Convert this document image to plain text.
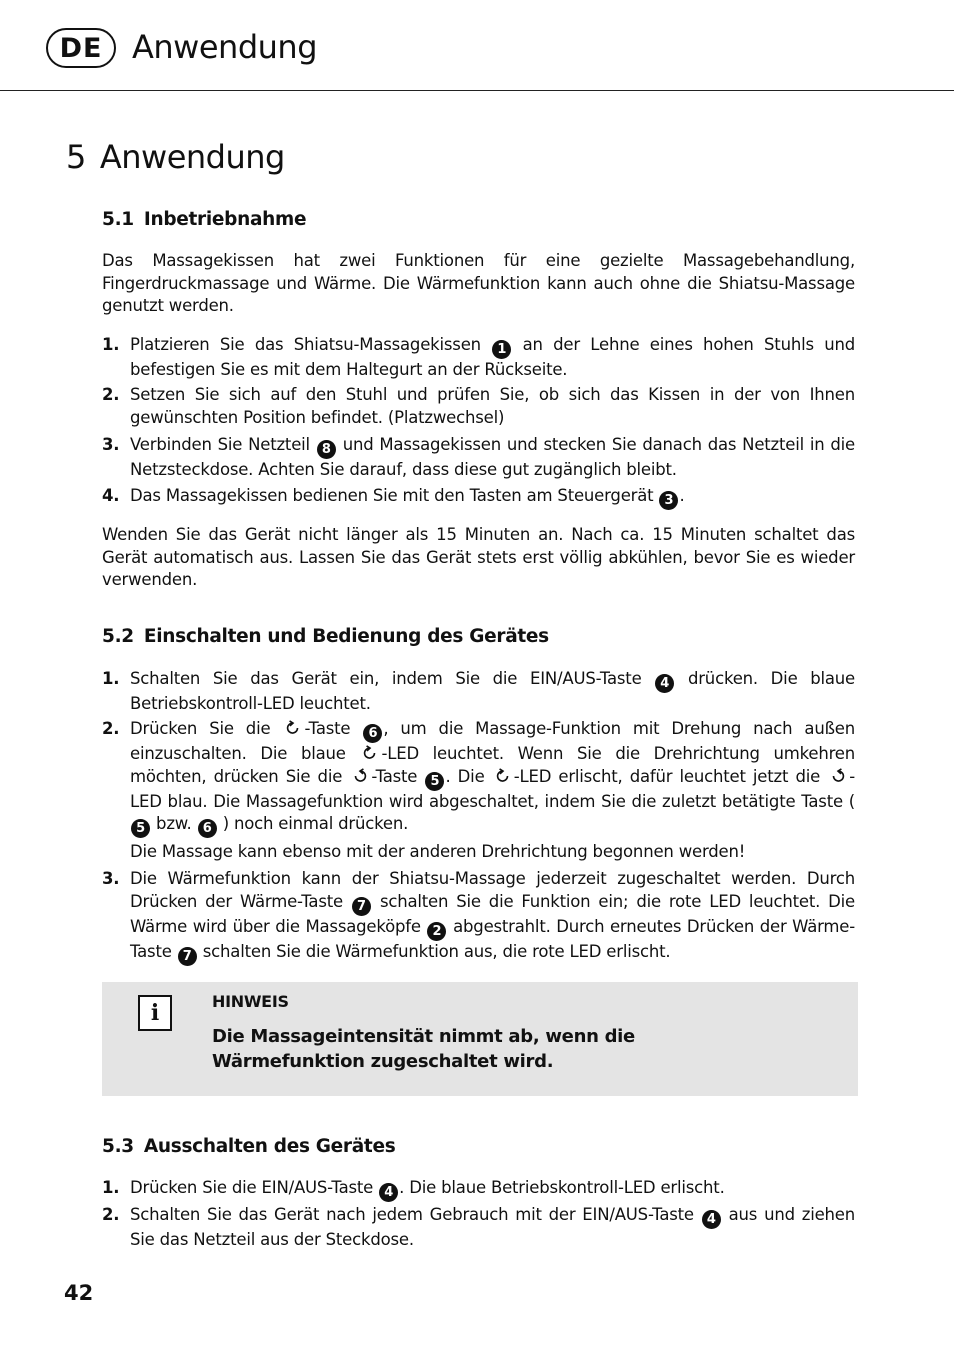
DE Anwendung
5 Anwendung
5.1 Inbetriebnahme
Das Massagekissen hat zwei Funktionen für eine gezielte Massagebehandlung, Fingerdruckmassage und Wärme. Die Wärmefunktion kann auch ohne die Shiatsu-Massage genutzt werden.
1. Platzieren Sie das Shiatsu-Massagekissen 1 an der Lehne eines hohen Stuhls und befestigen Sie es mit dem Haltegurt an der Rückseite.
2. Setzen Sie sich auf den Stuhl und prüfen Sie, ob sich das Kissen in der von Ihnen gewünschten Position befindet. (Platzwechsel)
3. Verbinden Sie Netzteil 8 und Massagekissen und stecken Sie danach das Netzteil in die Netzsteckdose. Achten Sie darauf, dass diese gut zugänglich bleibt.
4. Das Massagekissen bedienen Sie mit den Tasten am Steuergerät 3 .
Wenden Sie das Gerät nicht länger als 15 Minuten an. Nach ca. 15 Minuten schaltet das Gerät automatisch aus. Lassen Sie das Gerät stets erst völlig abkühlen, bevor Sie es wieder verwenden.
5.2 Einschalten und Bedienung des Gerätes
1. Schalten Sie das Gerät ein, indem Sie die EIN/AUS-Taste 4 drücken. Die blaue Betriebskontroll-LED leuchtet.
2. Drücken Sie die -Taste 6 , um die Massage-Funktion mit Drehung nach außen einzuschalten. Die blaue -LED leuchtet. Wenn Sie die Drehrichtung umkehren möchten, drücken Sie die -Taste 5 . Die -LED erlischt, dafür leuchtet jetzt die -LED blau. Die Massagefunktion wird abgeschaltet, indem Sie die zuletzt betätigte Taste ( 5 bzw. 6 ) noch einmal drücken.
Die Massage kann ebenso mit der anderen Drehrichtung begonnen werden!
3. Die Wärmefunktion kann der Shiatsu-Massage jederzeit zugeschaltet werden. Durch Drücken der Wärme-Taste 7 schalten Sie die Funktion ein; die rote LED leuchtet. Die Wärme wird über die Massageköpfe 2 abgestrahlt. Durch erneutes Drücken der Wärme-Taste 7 schalten Sie die Wärmefunktion aus, die rote LED erlischt.
i	HINWEIS
Die Massageintensität nimmt ab, wenn die Wärmefunktion zugeschaltet wird.
5.3 Ausschalten des Gerätes
1. Drücken Sie die EIN/AUS-Taste 4 . Die blaue Betriebskontroll-LED erlischt.
2. Schalten Sie das Gerät nach jedem Gebrauch mit der EIN/AUS-Taste 4 aus und ziehen Sie das Netzteil aus der Steckdose.
42
